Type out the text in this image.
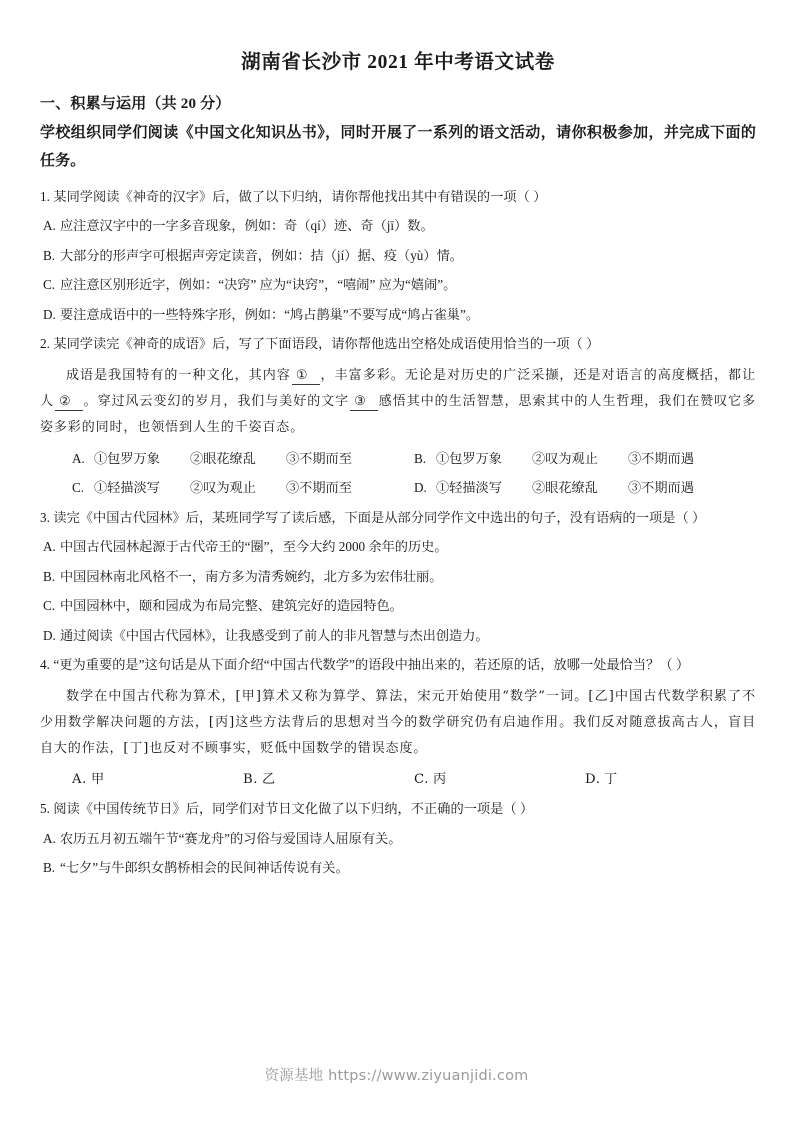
湖南省长沙市 2021 年中考语文试卷
一、积累与运用（共 20 分）
学校组织同学们阅读《中国文化知识丛书》，同时开展了一系列的语文活动，请你积极参加，并完成下面的任务。
1. 某同学阅读《神奇的汉字》后，做了以下归纳，请你帮他找出其中有错误的一项（ ）
A. 应注意汉字中的一字多音现象，例如：奇（qí）迹、奇（jī）数。
B. 大部分的形声字可根据声旁定读音，例如：拮（jí）据、疫（yù）情。
C. 应注意区别形近字，例如：“决窍” 应为“诀窍”，“嘻闹” 应为“嬉闹”。
D. 要注意成语中的一些特殊字形，例如：“鸠占鹊巢”不要写成“鸠占雀巢”。
2. 某同学读完《神奇的成语》后，写了下面语段，请你帮他选出空格处成语使用恰当的一项（ ）
成语是我国特有的一种文化，其内容 ① ，丰富多彩。无论是对历史的广泛采撷，还是对语言的高度概括，都让人 ② 。穿过风云变幻的岁月，我们与美好的文字 ③ 感悟其中的生活智慧，思索其中的人生哲理，我们在赞叹它多姿多彩的同时，也领悟到人生的千姿百态。
A. ①包罗万象	②眼花缭乱	③不期而至	B. ①包罗万象	②叹为观止	③不期而遇
C. ①轻描淡写	②叹为观止	③不期而至	D. ①轻描淡写	②眼花缭乱	③不期而遇
3. 读完《中国古代园林》后，某班同学写了读后感，下面是从部分同学作文中选出的句子，没有语病的一项是（ ）
A. 中国古代园林起源于古代帝王的“圈”，至今大约 2000 余年的历史。
B. 中国园林南北风格不一，南方多为清秀婉约，北方多为宏伟壮丽。
C. 中国园林中，颐和园成为布局完整、建筑完好的造园特色。
D. 通过阅读《中国古代园林》，让我感受到了前人的非凡智慧与杰出创造力。
4. “更为重要的是”这句话是从下面介绍“中国古代数学”的语段中抽出来的，若还原的话，放哪一处最恰当？（ ）
数学在中国古代称为算术，[甲]算术又称为算学、算法，宋元开始使用“数学”一词。[乙]中国古代数学积累了不少用数学解决问题的方法，[丙]这些方法背后的思想对当今的数学研究仍有启迪作用。我们反对随意拔高古人，盲目自大的作法，[丁]也反对不顾事实，贬低中国数学的错误态度。
A. 甲	B. 乙	C. 丙	D. 丁
5. 阅读《中国传统节日》后，同学们对节日文化做了以下归纳，不正确的一项是（ ）
A. 农历五月初五端午节“赛龙舟”的习俗与爱国诗人屈原有关。
B. “七夕”与牛郎织女鹊桥相会的民间神话传说有关。
资源基地 https://www.ziyuanjidi.com
